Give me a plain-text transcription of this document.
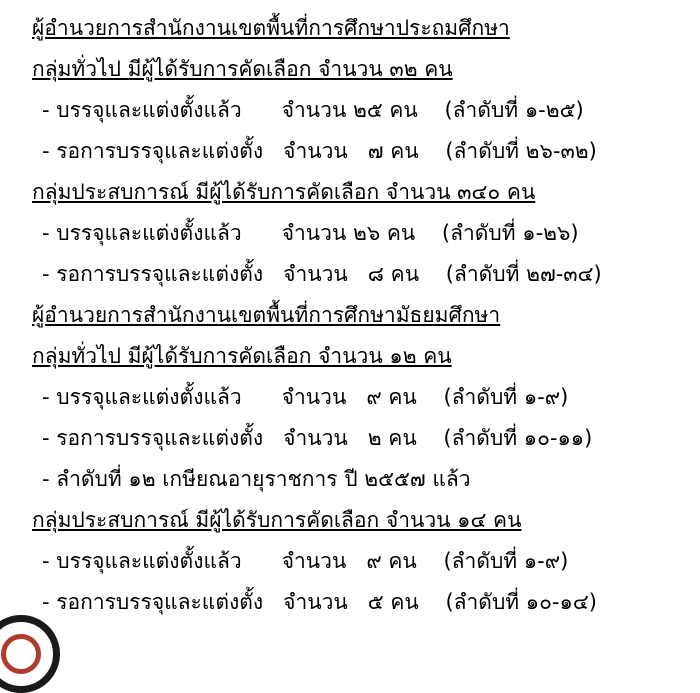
ผู้อำนวยการสำนักงานเขตพื้นที่การศึกษาประถมศึกษา
กลุ่มทั่วไป มีผู้ได้รับการคัดเลือก จำนวน ๓๒ คน
- บรรจุและแต่งตั้งแล้ว      จำนวน ๒๕ คน    (ลำดับที่ ๑-๒๕)
- รอการบรรจุและแต่งตั้ง   จำนวน   ๗ คน    (ลำดับที่ ๒๖-๓๒)
กลุ่มประสบการณ์ มีผู้ได้รับการคัดเลือก จำนวน ๓๔๐ คน
- บรรจุและแต่งตั้งแล้ว      จำนวน ๒๖ คน    (ลำดับที่ ๑-๒๖)
- รอการบรรจุและแต่งตั้ง   จำนวน   ๘ คน    (ลำดับที่ ๒๗-๓๔)
ผู้อำนวยการสำนักงานเขตพื้นที่การศึกษามัธยมศึกษา
กลุ่มทั่วไป มีผู้ได้รับการคัดเลือก จำนวน ๑๒ คน
- บรรจุและแต่งตั้งแล้ว      จำนวน   ๙ คน    (ลำดับที่ ๑-๙)
- รอการบรรจุและแต่งตั้ง   จำนวน   ๒ คน    (ลำดับที่ ๑๐-๑๑)
- ลำดับที่ ๑๒ เกษียณอายุราชการ ปี ๒๕๕๗ แล้ว
กลุ่มประสบการณ์ มีผู้ได้รับการคัดเลือก จำนวน ๑๔ คน
- บรรจุและแต่งตั้งแล้ว      จำนวน   ๙ คน    (ลำดับที่ ๑-๙)
- รอการบรรจุและแต่งตั้ง   จำนวน   ๕ คน    (ลำดับที่ ๑๐-๑๔)
